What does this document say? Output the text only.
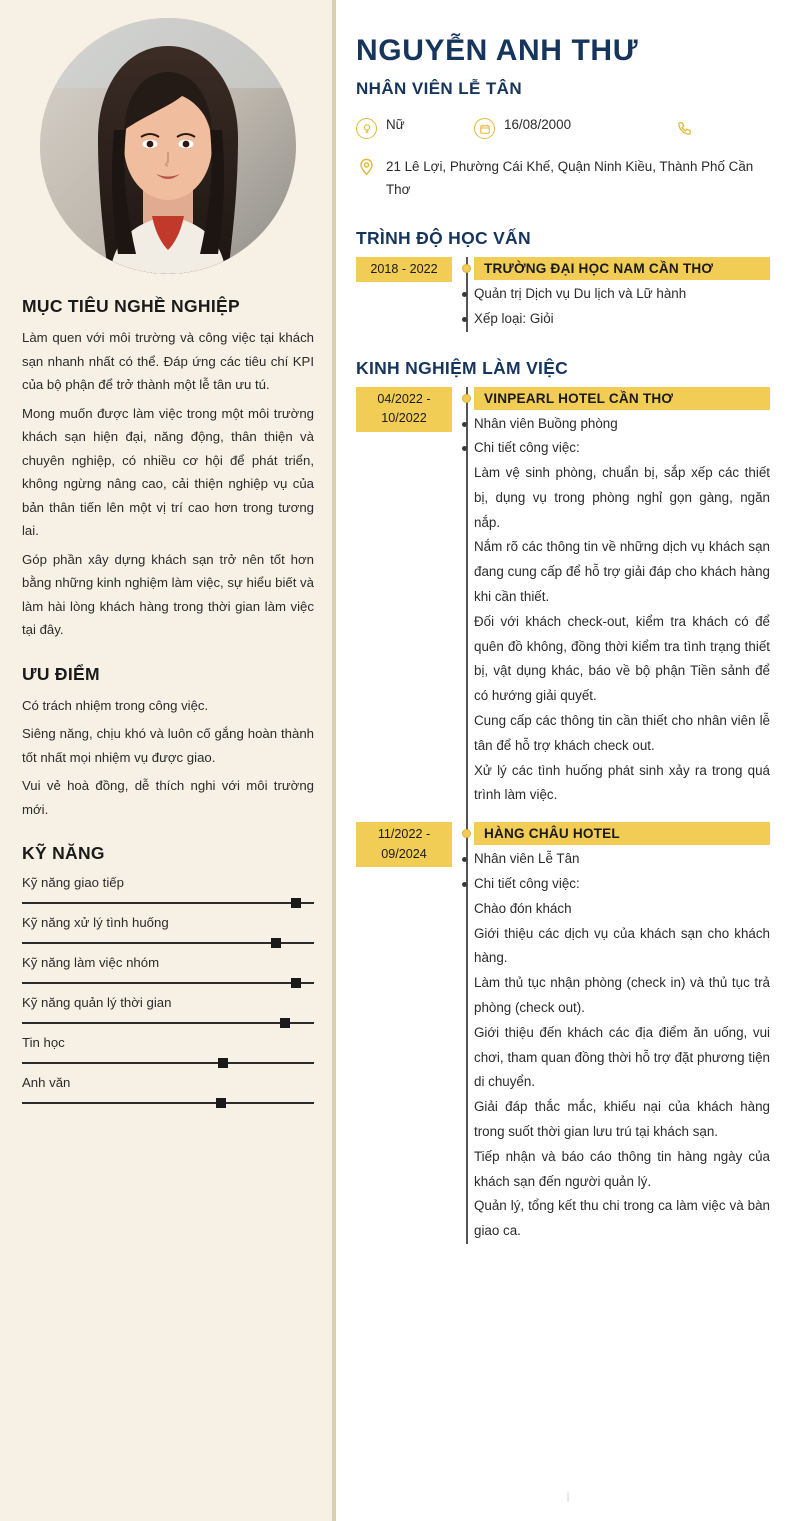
MỤC TIÊU NGHỀ NGHIỆP

Làm quen với môi trường và công việc tại khách sạn nhanh nhất có thể. Đáp ứng các tiêu chí KPI của bộ phận để trở thành một lễ tân ưu tú.

Mong muốn được làm việc trong một môi trường khách sạn hiện đại, năng động, thân thiện và chuyên nghiệp, có nhiều cơ hội để phát triển, không ngừng nâng cao, cải thiện nghiệp vụ của bản thân tiến lên một vị trí cao hơn trong tương lai.

Góp phần xây dựng khách sạn trở nên tốt hơn bằng những kinh nghiệm làm việc, sự hiểu biết và làm hài lòng khách hàng trong thời gian làm việc tại đây.

ƯU ĐIỂM

Có trách nhiệm trong công việc.

Siêng năng, chịu khó và luôn cố gắng hoàn thành tốt nhất mọi nhiệm vụ được giao.

Vui vẻ hoà đồng, dễ thích nghi với môi trường mới.

KỸ NĂNG
Kỹ năng giao tiếp
Kỹ năng xử lý tình huống
Kỹ năng làm việc nhóm
Kỹ năng quản lý thời gian
Tin học
Anh văn
NGUYỄN ANH THƯ
NHÂN VIÊN LỄ TÂN
Nữ	16/08/2000
21 Lê Lợi, Phường Cái Khế, Quận Ninh Kiều, Thành Phố Cần Thơ
TRÌNH ĐỘ HỌC VẤN
2018 - 2022	TRƯỜNG ĐẠI HỌC NAM CẦN THƠ
Quản trị Dịch vụ Du lịch và Lữ hành
Xếp loại: Giỏi
KINH NGHIỆM LÀM VIỆC
04/2022 - 10/2022
VINPEARL HOTEL CẦN THƠ
Nhân viên Buồng phòng
Chi tiết công việc:
Làm vệ sinh phòng, chuẩn bị, sắp xếp các thiết bị, dụng vụ trong phòng nghỉ gọn gàng, ngăn nắp.
Nắm rõ các thông tin về những dịch vụ khách sạn đang cung cấp để hỗ trợ giải đáp cho khách hàng khi cần thiết.
Đối với khách check-out, kiểm tra khách có để quên đồ không, đồng thời kiểm tra tình trạng thiết bị, vật dụng khác, báo về bộ phận Tiền sảnh để có hướng giải quyết.
Cung cấp các thông tin cần thiết cho nhân viên lễ tân để hỗ trợ khách check out.
Xử lý các tình huống phát sinh xảy ra trong quá trình làm việc.
11/2022 - 09/2024
HÀNG CHÂU HOTEL
Nhân viên Lễ Tân
Chi tiết công việc:
Chào đón khách
Giới thiệu các dịch vụ của khách sạn cho khách hàng.
Làm thủ tục nhận phòng (check in) và thủ tục trả phòng (check out).
Giới thiệu đến khách các địa điểm ăn uống, vui chơi, tham quan đồng thời hỗ trợ đặt phương tiện di chuyển.
Giải đáp thắc mắc, khiếu nại của khách hàng trong suốt thời gian lưu trú tại khách sạn.
Tiếp nhận và báo cáo thông tin hàng ngày của khách sạn đến người quản lý.
Quản lý, tổng kết thu chi trong ca làm việc và bàn giao ca.
|
